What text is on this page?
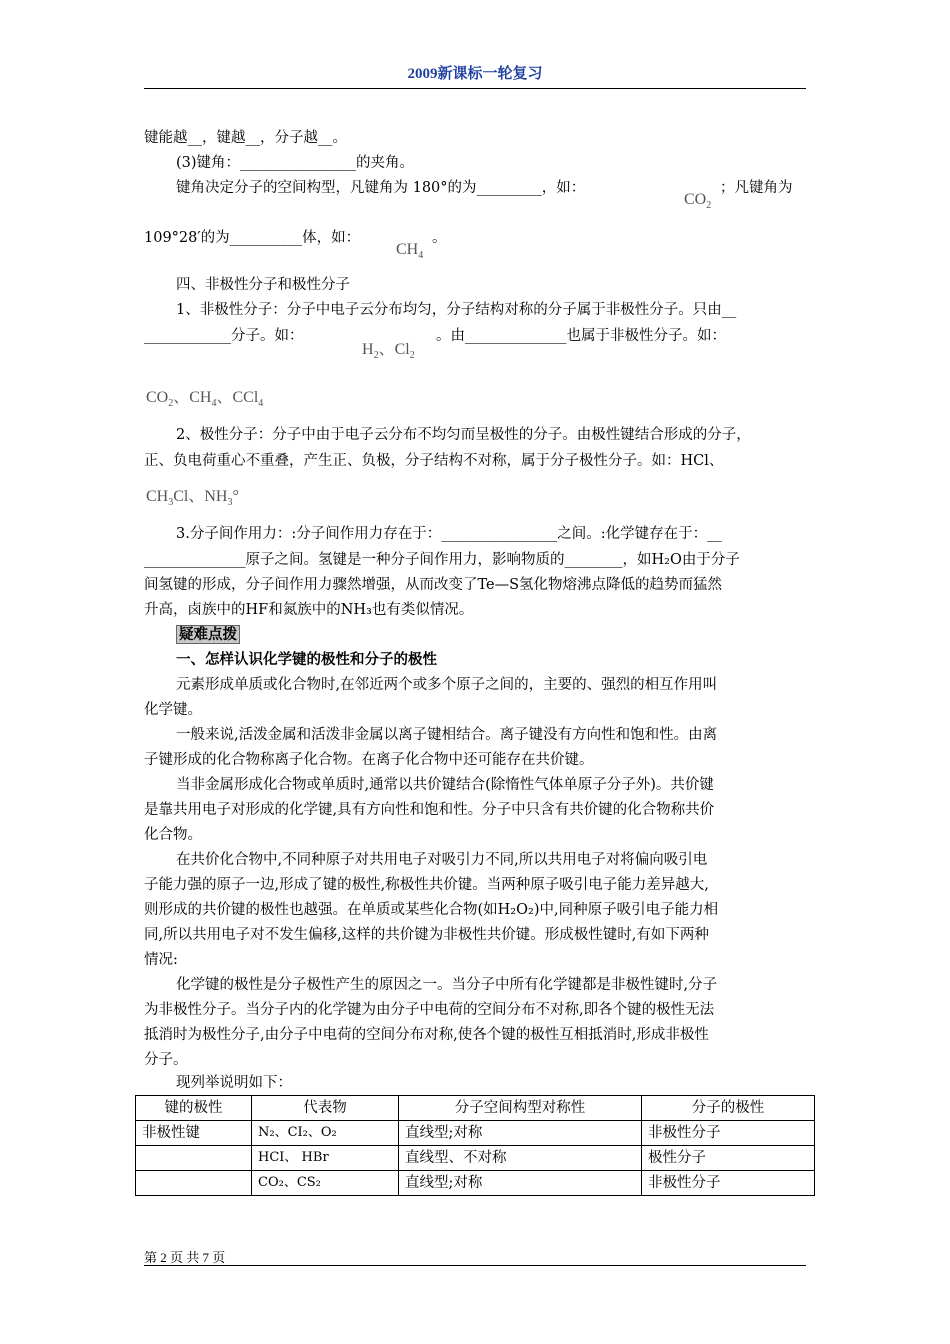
2009新课标一轮复习
键能越__，键越__，分子越__。
(3)键角：________________的夹角。
键角决定分子的空间构型，凡键角为 180°的为_________，如：
$CO_2$
；凡键角为
109°28′的为__________体，如：
$CH_4$
。
四、非极性分子和极性分子
1、非极性分子：分子中电子云分布均匀，分子结构对称的分子属于非极性分子。只由__
____________分子。如：
$H_2$、$Cl_2$
。由______________也属于非极性分子。如：
$CO_2$、$CH_4$、CCl$_4$
2、极性分子：分子中由于电子云分布不均匀而呈极性的分子。由极性键结合形成的分子，
正、负电荷重心不重叠，产生正、负极，分子结构不对称，属于分子极性分子。如：HCl、
$CH_3Cl$、$NH_3^\circ$
3.分子间作用力：:分子间作用力存在于：________________之间。:化学键存在于：__
______________原子之间。氢键是一种分子间作用力，影响物质的________，如H₂O由于分子
间氢键的形成，分子间作用力骤然增强，从而改变了Te—S氢化物熔沸点降低的趋势而猛然
升高，卤族中的HF和氮族中的NH₃也有类似情况。
疑难点拨
一、怎样认识化学键的极性和分子的极性
元素形成单质或化合物时,在邻近两个或多个原子之间的，主要的、强烈的相互作用叫
化学键。
一般来说,活泼金属和活泼非金属以离子键相结合。离子键没有方向性和饱和性。由离
子键形成的化合物称离子化合物。在离子化合物中还可能存在共价键。
当非金属形成化合物或单质时,通常以共价键结合(除惰性气体单原子分子外)。共价键
是靠共用电子对形成的化学键,具有方向性和饱和性。分子中只含有共价键的化合物称共价
化合物。
在共价化合物中,不同种原子对共用电子对吸引力不同,所以共用电子对将偏向吸引电
子能力强的原子一边,形成了键的极性,称极性共价键。当两种原子吸引电子能力差异越大,
则形成的共价键的极性也越强。在单质或某些化合物(如H₂O₂)中,同种原子吸引电子能力相
同,所以共用电子对不发生偏移,这样的共价键为非极性共价键。形成极性键时,有如下两种
情况:
化学键的极性是分子极性产生的原因之一。当分子中所有化学键都是非极性键时,分子
为非极性分子。当分子内的化学键为由分子中电荷的空间分布不对称,即各个键的极性无法
抵消时为极性分子,由分子中电荷的空间分布对称,使各个键的极性互相抵消时,形成非极性
分子。
现列举说明如下：
键的极性	代表物	分子空间构型对称性	分子的极性
非极性键	N₂、CI₂、O₂	直线型;对称	非极性分子
	HCI、 HBr	直线型、不对称	极性分子
	CO₂、CS₂	直线型;对称	非极性分子
第 2 页 共 7 页
